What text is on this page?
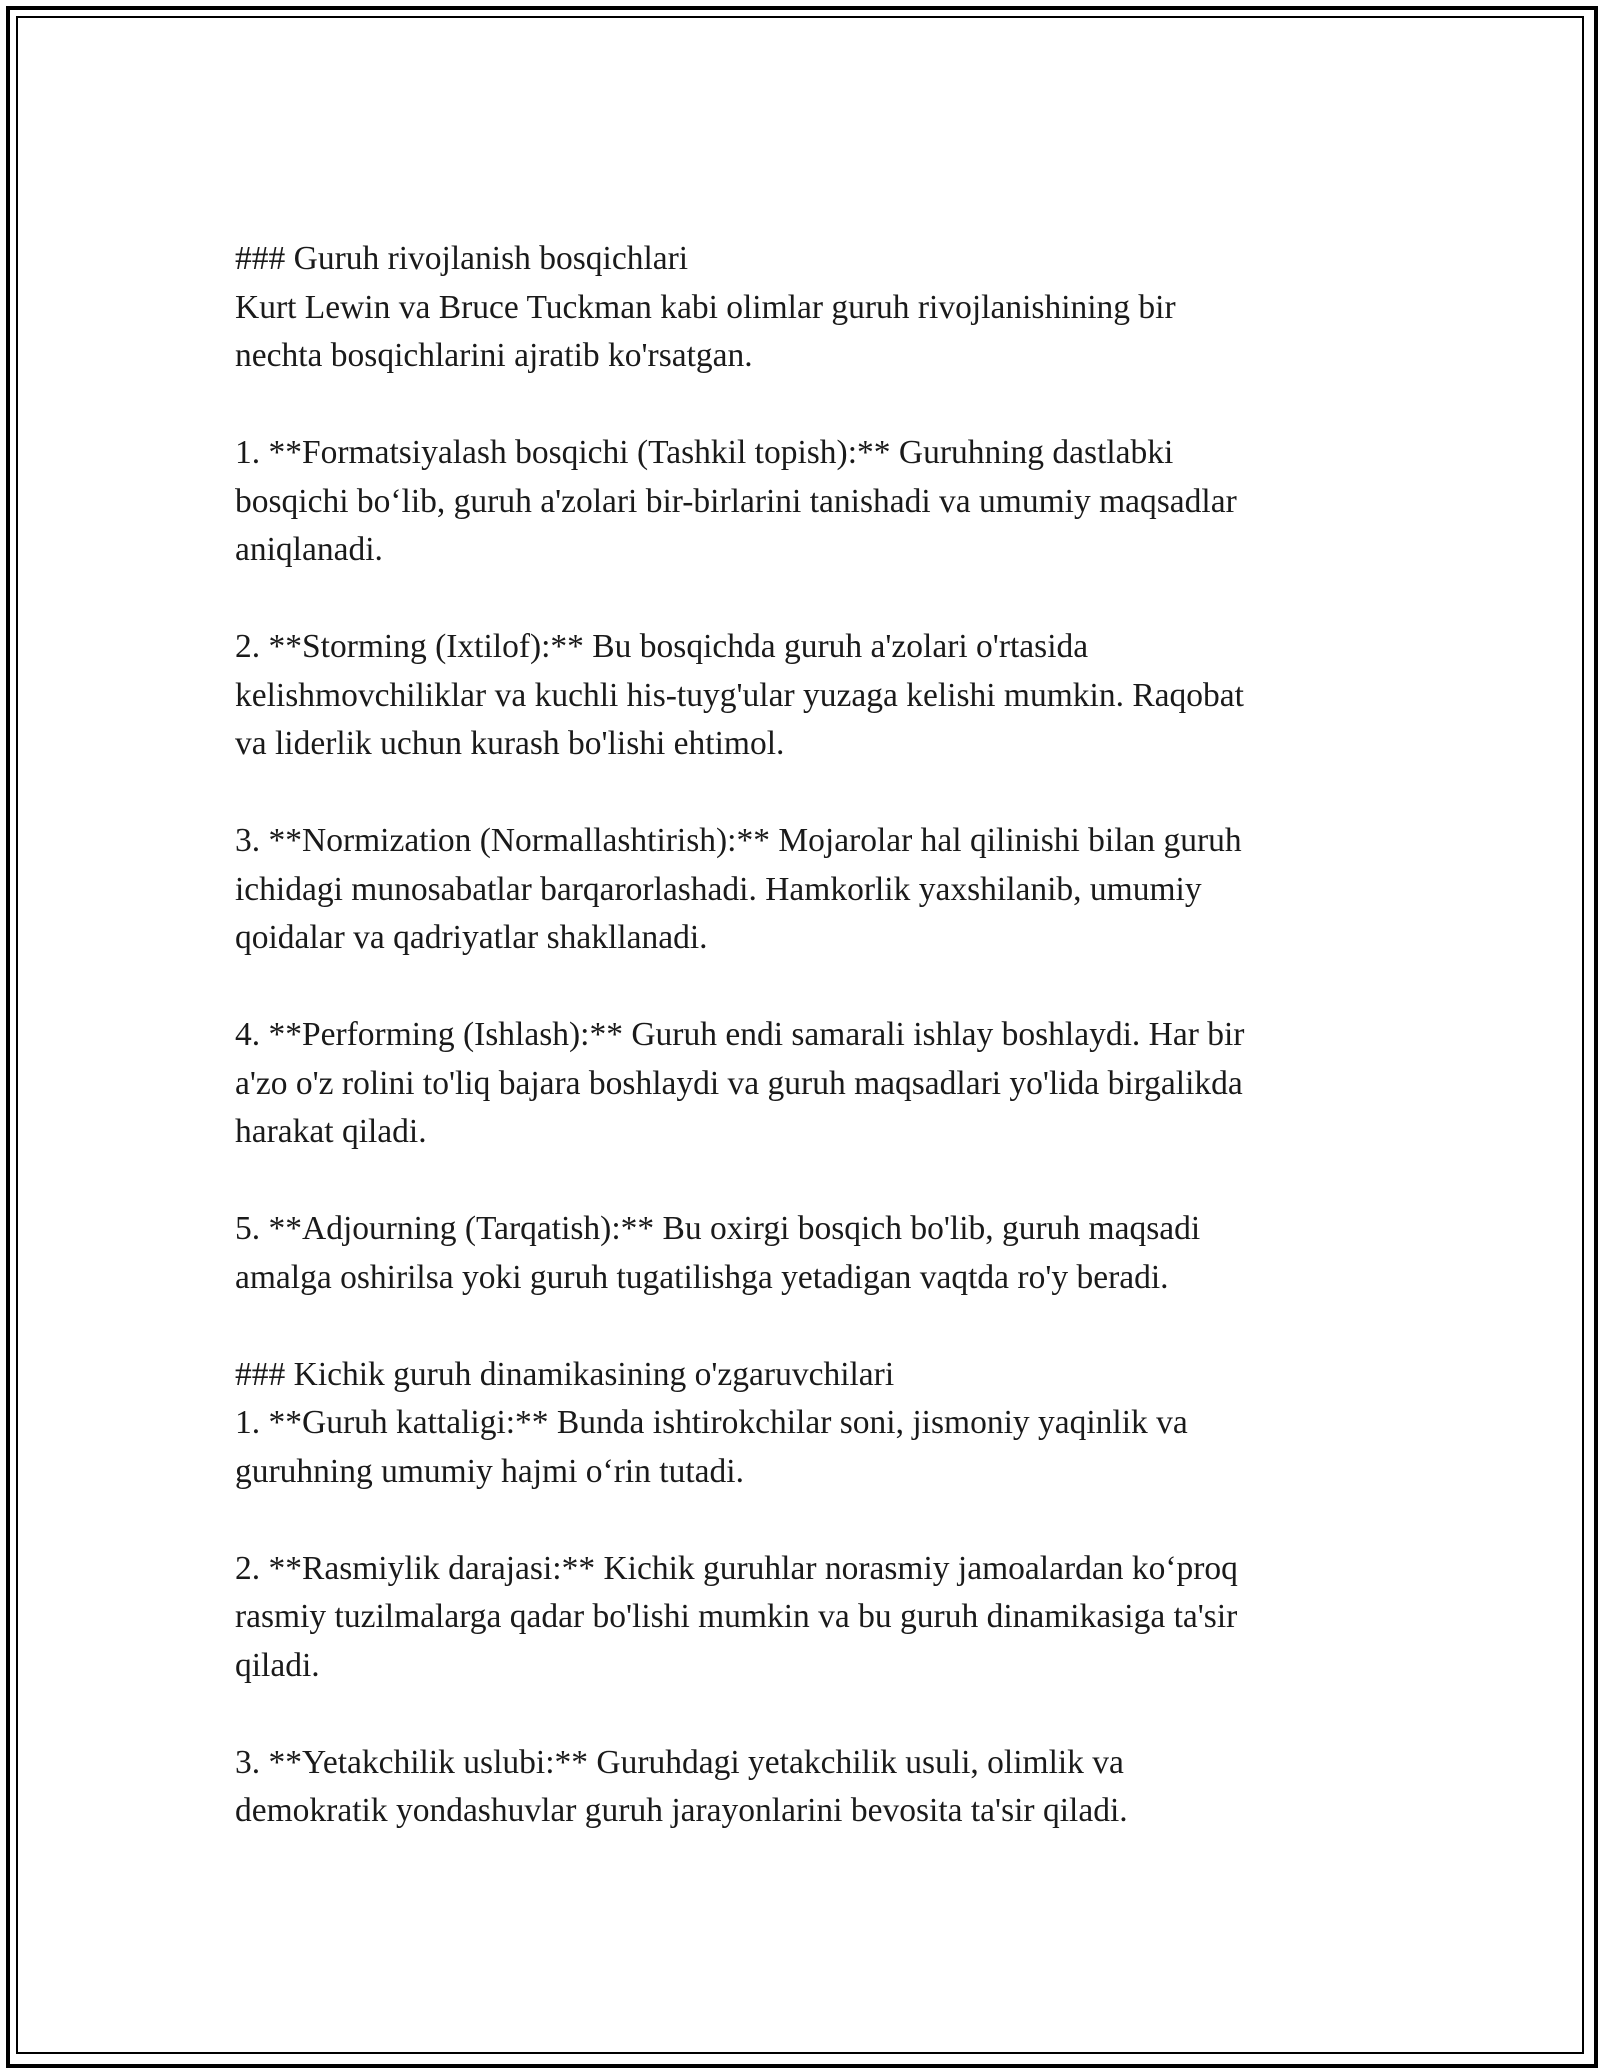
### Guruh rivojlanish bosqichlari
Kurt Lewin va Bruce Tuckman kabi olimlar guruh rivojlanishining bir
nechta bosqichlarini ajratib ko'rsatgan.
1. **Formatsiyalash bosqichi (Tashkil topish):** Guruhning dastlabki
bosqichi bo‘lib, guruh a'zolari bir-birlarini tanishadi va umumiy maqsadlar
aniqlanadi.
2. **Storming (Ixtilof):** Bu bosqichda guruh a'zolari o'rtasida
kelishmovchiliklar va kuchli his-tuyg'ular yuzaga kelishi mumkin. Raqobat
va liderlik uchun kurash bo'lishi ehtimol.
3. **Normization (Normallashtirish):** Mojarolar hal qilinishi bilan guruh
ichidagi munosabatlar barqarorlashadi. Hamkorlik yaxshilanib, umumiy
qoidalar va qadriyatlar shakllanadi.
4. **Performing (Ishlash):** Guruh endi samarali ishlay boshlaydi. Har bir
a'zo o'z rolini to'liq bajara boshlaydi va guruh maqsadlari yo'lida birgalikda
harakat qiladi.
5. **Adjourning (Tarqatish):** Bu oxirgi bosqich bo'lib, guruh maqsadi
amalga oshirilsa yoki guruh tugatilishga yetadigan vaqtda ro'y beradi.
### Kichik guruh dinamikasining o'zgaruvchilari
1. **Guruh kattaligi:** Bunda ishtirokchilar soni, jismoniy yaqinlik va
guruhning umumiy hajmi o‘rin tutadi.
2. **Rasmiylik darajasi:** Kichik guruhlar norasmiy jamoalardan ko‘proq
rasmiy tuzilmalarga qadar bo'lishi mumkin va bu guruh dinamikasiga ta'sir
qiladi.
3. **Yetakchilik uslubi:** Guruhdagi yetakchilik usuli, olimlik va
demokratik yondashuvlar guruh jarayonlarini bevosita ta'sir qiladi.
